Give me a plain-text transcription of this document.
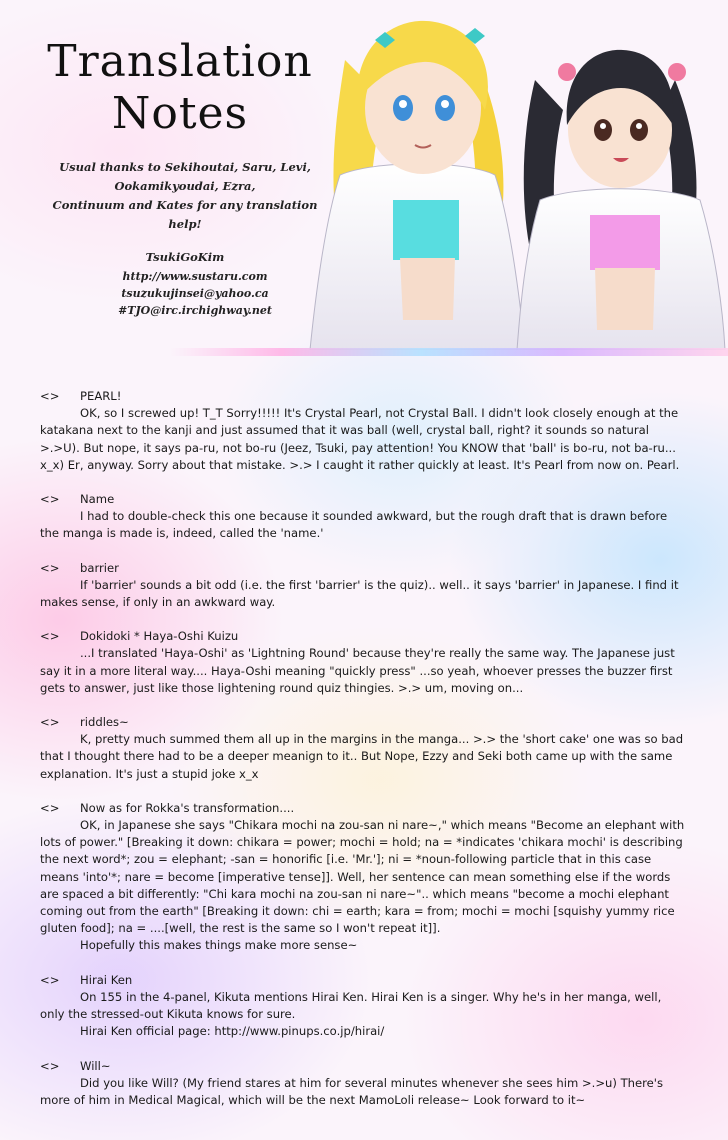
Translation
Notes
Usual thanks to Sekihoutai, Saru, Levi,
Ookamikyoudai, Ezra,
Continuum and Kates for any translation help!
TsukiGoKim
http://www.sustaru.com
tsuzukujinsei@yahoo.ca
#TJO@irc.irchighway.net
<>	PEARL!

OK, so I screwed up! T_T Sorry!!!!! It's Crystal Pearl, not Crystal Ball. I didn't look closely enough at the katakana next to the kanji and just assumed that it was ball (well, crystal ball, right? it sounds so natural >.>U). But nope, it says pa-ru, not bo-ru (Jeez, Tsuki, pay attention! You KNOW that 'ball' is bo-ru, not ba-ru... x_x) Er, anyway. Sorry about that mistake. >.> I caught it rather quickly at least. It's Pearl from now on. Pearl.

<>	Name

I had to double-check this one because it sounded awkward, but the rough draft that is drawn before the manga is made is, indeed, called the 'name.'

<>	barrier

If 'barrier' sounds a bit odd (i.e. the first 'barrier' is the quiz).. well.. it says 'barrier' in Japanese. I find it makes sense, if only in an awkward way.

<>	Dokidoki * Haya-Oshi Kuizu

...I translated 'Haya-Oshi' as 'Lightning Round' because they're really the same way. The Japanese just say it in a more literal way.... Haya-Oshi meaning "quickly press" ...so yeah, whoever presses the buzzer first gets to answer, just like those lightening round quiz thingies. >.> um, moving on...

<>	riddles~

K, pretty much summed them all up in the margins in the manga... >.> the 'short cake' one was so bad that I thought there had to be a deeper meanign to it.. But Nope, Ezzy and Seki both came up with the same explanation. It's just a stupid joke x_x

<>	Now as for Rokka's transformation....

OK, in Japanese she says "Chikara mochi na zou-san ni nare~," which means "Become an elephant with lots of power." [Breaking it down: chikara = power; mochi = hold; na = *indicates 'chikara mochi' is describing the next word*; zou = elephant; -san = honorific [i.e. 'Mr.']; ni = *noun-following particle that in this case means 'into'*; nare = become [imperative tense]]. Well, her sentence can mean something else if the words are spaced a bit differently: "Chi kara mochi na zou-san ni nare~".. which means "become a mochi elephant coming out from the earth" [Breaking it down: chi = earth; kara = from; mochi = mochi [squishy yummy rice gluten food]; na = ....[well, the rest is the same so I won't repeat it]].

Hopefully this makes things make more sense~

<>	Hirai Ken

On 155 in the 4-panel, Kikuta mentions Hirai Ken. Hirai Ken is a singer. Why he's in her manga, well, only the stressed-out Kikuta knows for sure.

Hirai Ken official page: http://www.pinups.co.jp/hirai/

<>	Will~

Did you like Will? (My friend stares at him for several minutes whenever she sees him >.>u) There's more of him in Medical Magical, which will be the next MamoLoli release~ Look forward to it~
